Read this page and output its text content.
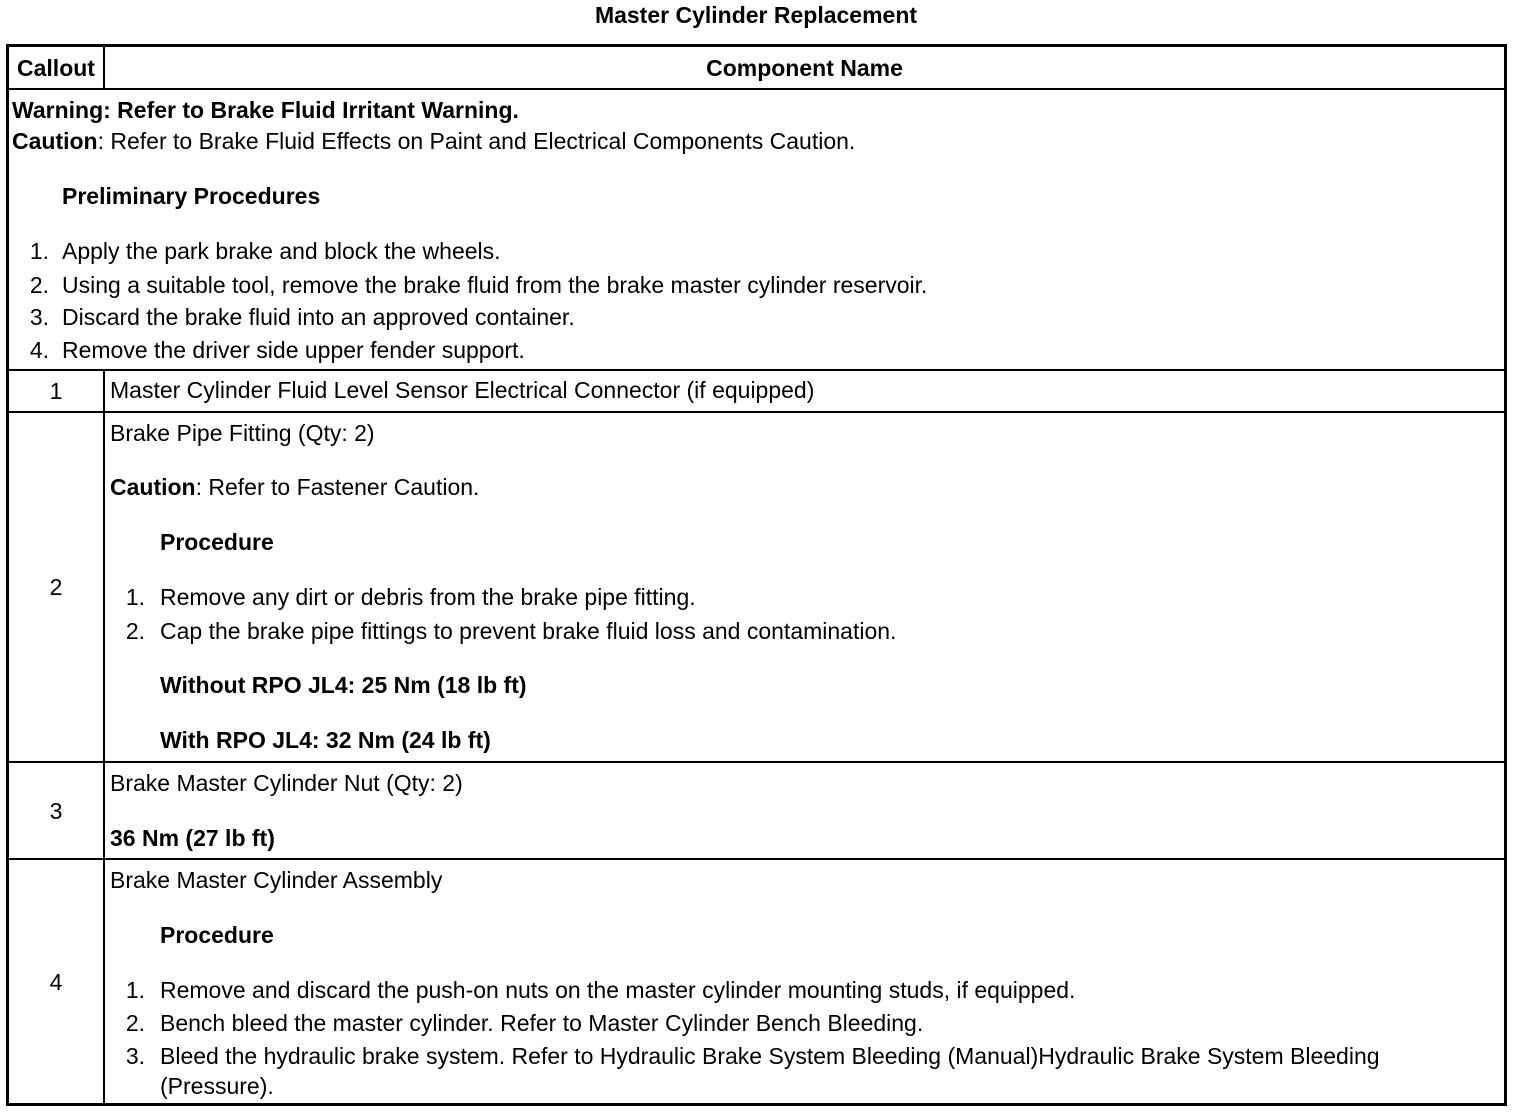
Master Cylinder Replacement
Callout	Component Name
Warning: Refer to Brake Fluid Irritant Warning.
Caution: Refer to Brake Fluid Effects on Paint and Electrical Components Caution.
Preliminary Procedures
1. Apply the park brake and block the wheels.
2. Using a suitable tool, remove the brake fluid from the brake master cylinder reservoir.
3. Discard the brake fluid into an approved container.
4. Remove the driver side upper fender support.
1 Master Cylinder Fluid Level Sensor Electrical Connector (if equipped)
2
Brake Pipe Fitting (Qty: 2)
Caution: Refer to Fastener Caution.
Procedure
1. Remove any dirt or debris from the brake pipe fitting.
2. Cap the brake pipe fittings to prevent brake fluid loss and contamination.
Without RPO JL4: 25 Nm (18 lb ft)
With RPO JL4: 32 Nm (24 lb ft)
3
Brake Master Cylinder Nut (Qty: 2)
36 Nm (27 lb ft)
4
Brake Master Cylinder Assembly
Procedure
1. Remove and discard the push-on nuts on the master cylinder mounting studs, if equipped.
2. Bench bleed the master cylinder. Refer to Master Cylinder Bench Bleeding.
3. Bleed the hydraulic brake system. Refer to Hydraulic Brake System Bleeding (Manual)Hydraulic Brake System Bleeding
(Pressure).
